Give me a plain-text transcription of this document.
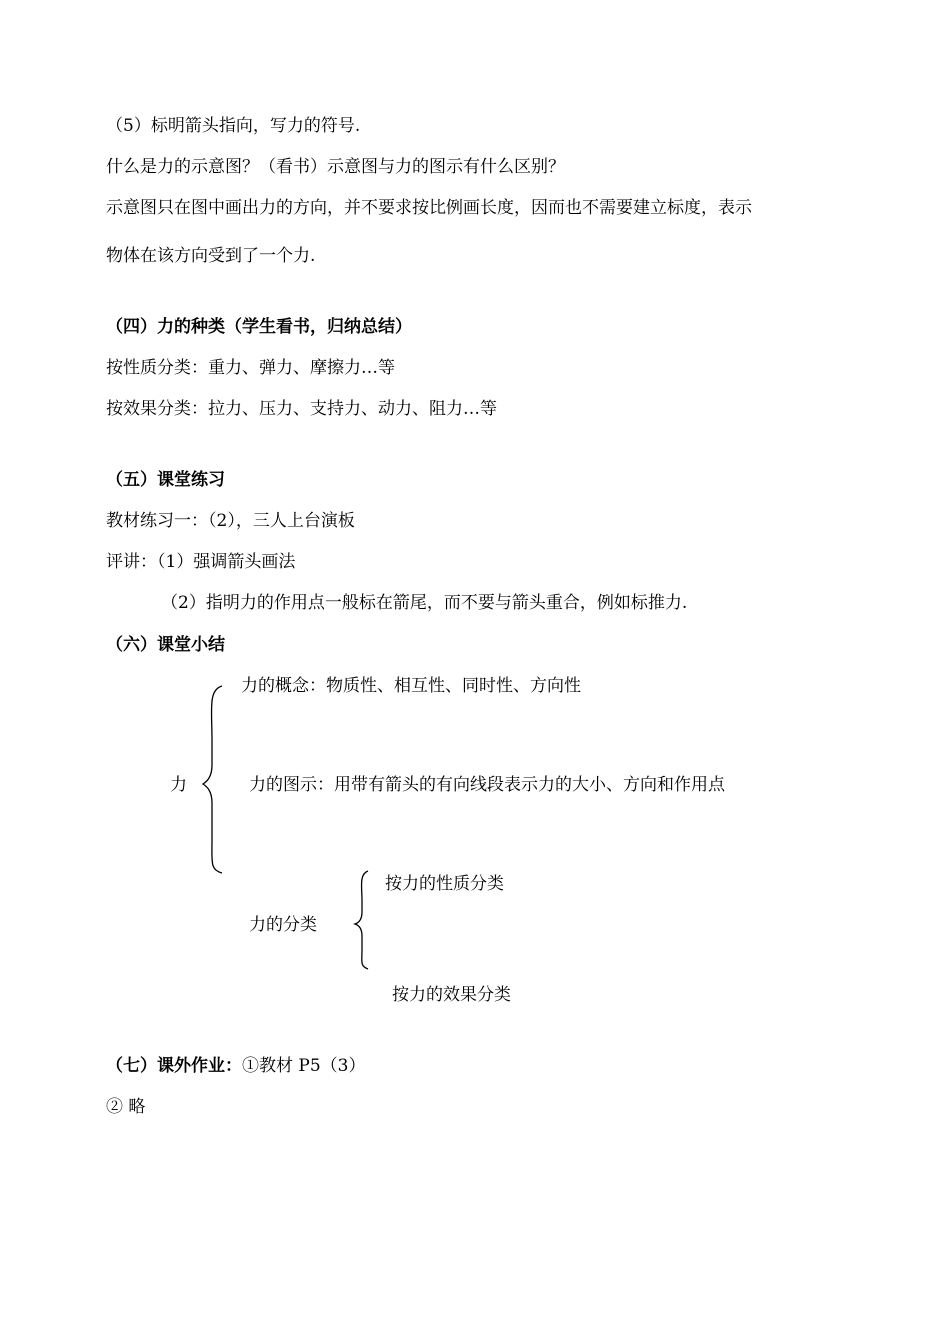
（5）标明箭头指向，写力的符号.
什么是力的示意图？（看书）示意图与力的图示有什么区别？
示意图只在图中画出力的方向，并不要求按比例画长度，因而也不需要建立标度，表示
物体在该方向受到了一个力.
（四）力的种类（学生看书，归纳总结）
按性质分类：重力、弹力、摩擦力…等
按效果分类：拉力、压力、支持力、动力、阻力…等
（五）课堂练习
教材练习一：（2），三人上台演板
评讲：（1）强调箭头画法
（2）指明力的作用点一般标在箭尾，而不要与箭头重合，例如标推力.
（六）课堂小结
力
力的概念：物质性、相互性、同时性、方向性
力的图示：用带有箭头的有向线段表示力的大小、方向和作用点
力的分类
按力的性质分类
按力的效果分类
（七）课外作业：①教材 P5（3）
② 略
